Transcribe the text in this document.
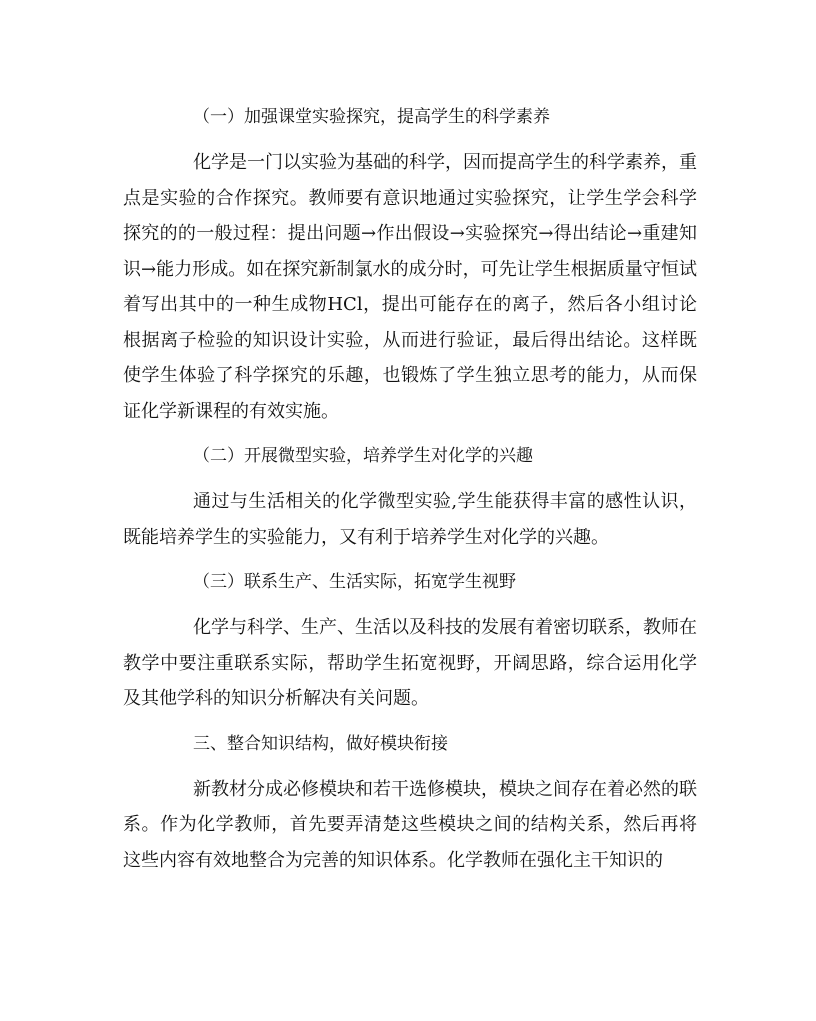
（一）加强课堂实验探究，提高学生的科学素养

化学是一门以实验为基础的科学，因而提高学生的科学素养，重点是实验的合作探究。教师要有意识地通过实验探究，让学生学会科学探究的的一般过程：提出问题→作出假设→实验探究→得出结论→重建知识→能力形成。如在探究新制氯水的成分时，可先让学生根据质量守恒试着写出其中的一种生成物HCl，提出可能存在的离子，然后各小组讨论根据离子检验的知识设计实验，从而进行验证，最后得出结论。这样既使学生体验了科学探究的乐趣，也锻炼了学生独立思考的能力，从而保证化学新课程的有效实施。

（二）开展微型实验，培养学生对化学的兴趣

通过与生活相关的化学微型实验,学生能获得丰富的感性认识，既能培养学生的实验能力，又有利于培养学生对化学的兴趣。

（三）联系生产、生活实际，拓宽学生视野

化学与科学、生产、生活以及科技的发展有着密切联系，教师在教学中要注重联系实际，帮助学生拓宽视野，开阔思路，综合运用化学及其他学科的知识分析解决有关问题。

三、整合知识结构，做好模块衔接

新教材分成必修模块和若干选修模块，模块之间存在着必然的联系。作为化学教师，首先要弄清楚这些模块之间的结构关系，然后再将这些内容有效地整合为完善的知识体系。化学教师在强化主干知识的
